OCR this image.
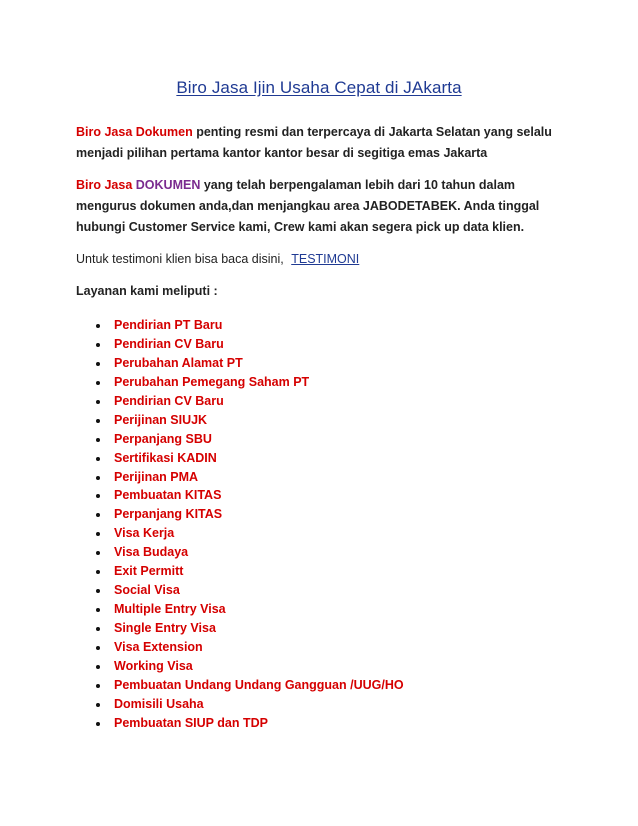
Biro Jasa Ijin Usaha Cepat di JAkarta
Biro Jasa Dokumen penting resmi dan terpercaya di Jakarta Selatan yang selalu menjadi pilihan pertama kantor kantor besar di segitiga emas Jakarta
Biro Jasa DOKUMEN yang telah berpengalaman lebih dari 10 tahun dalam mengurus dokumen anda,dan menjangkau area JABODETABEK. Anda tinggal hubungi Customer Service kami, Crew kami akan segera pick up data klien.
Untuk testimoni klien bisa baca disini, TESTIMONI
Layanan kami meliputi :
Pendirian PT Baru
Pendirian CV Baru
Perubahan Alamat PT
Perubahan Pemegang Saham PT
Pendirian CV Baru
Perijinan SIUJK
Perpanjang SBU
Sertifikasi KADIN
Perijinan PMA
Pembuatan KITAS
Perpanjang KITAS
Visa Kerja
Visa Budaya
Exit Permitt
Social Visa
Multiple Entry Visa
Single Entry Visa
Visa Extension
Working Visa
Pembuatan Undang Undang Gangguan /UUG/HO
Domisili Usaha
Pembuatan SIUP dan TDP
